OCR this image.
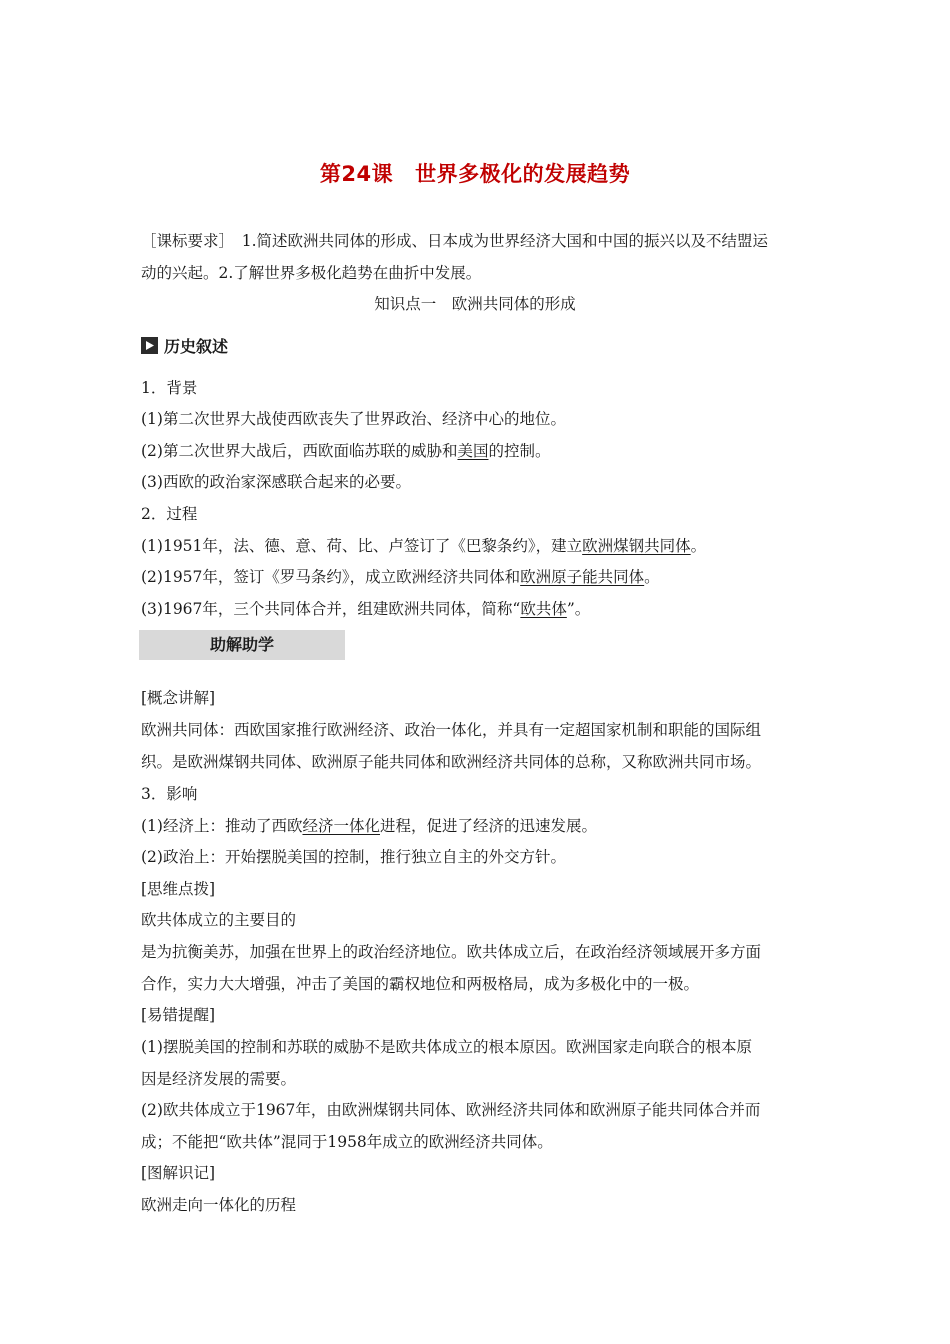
第24课 世界多极化的发展趋势
［课标要求］　1.简述欧洲共同体的形成、日本成为世界经济大国和中国的振兴以及不结盟运
动的兴起。2.了解世界多极化趋势在曲折中发展。
知识点一　欧洲共同体的形成
历史叙述
1．背景
(1)第二次世界大战使西欧丧失了世界政治、经济中心的地位。
(2)第二次世界大战后，西欧面临苏联的威胁和美国的控制。
(3)西欧的政治家深感联合起来的必要。
2．过程
(1)1951年，法、德、意、荷、比、卢签订了《巴黎条约》，建立欧洲煤钢共同体。
(2)1957年，签订《罗马条约》，成立欧洲经济共同体和欧洲原子能共同体。
(3)1967年，三个共同体合并，组建欧洲共同体，简称“欧共体”。
助解助学
[概念讲解]
欧洲共同体：西欧国家推行欧洲经济、政治一体化，并具有一定超国家机制和职能的国际组
织。是欧洲煤钢共同体、欧洲原子能共同体和欧洲经济共同体的总称，又称欧洲共同市场。
3．影响
(1)经济上：推动了西欧经济一体化进程，促进了经济的迅速发展。
(2)政治上：开始摆脱美国的控制，推行独立自主的外交方针。
[思维点拨]
欧共体成立的主要目的
是为抗衡美苏，加强在世界上的政治经济地位。欧共体成立后，在政治经济领域展开多方面
合作，实力大大增强，冲击了美国的霸权地位和两极格局，成为多极化中的一极。
[易错提醒]
(1)摆脱美国的控制和苏联的威胁不是欧共体成立的根本原因。欧洲国家走向联合的根本原
因是经济发展的需要。
(2)欧共体成立于1967年，由欧洲煤钢共同体、欧洲经济共同体和欧洲原子能共同体合并而
成；不能把“欧共体”混同于1958年成立的欧洲经济共同体。
[图解识记]
欧洲走向一体化的历程
